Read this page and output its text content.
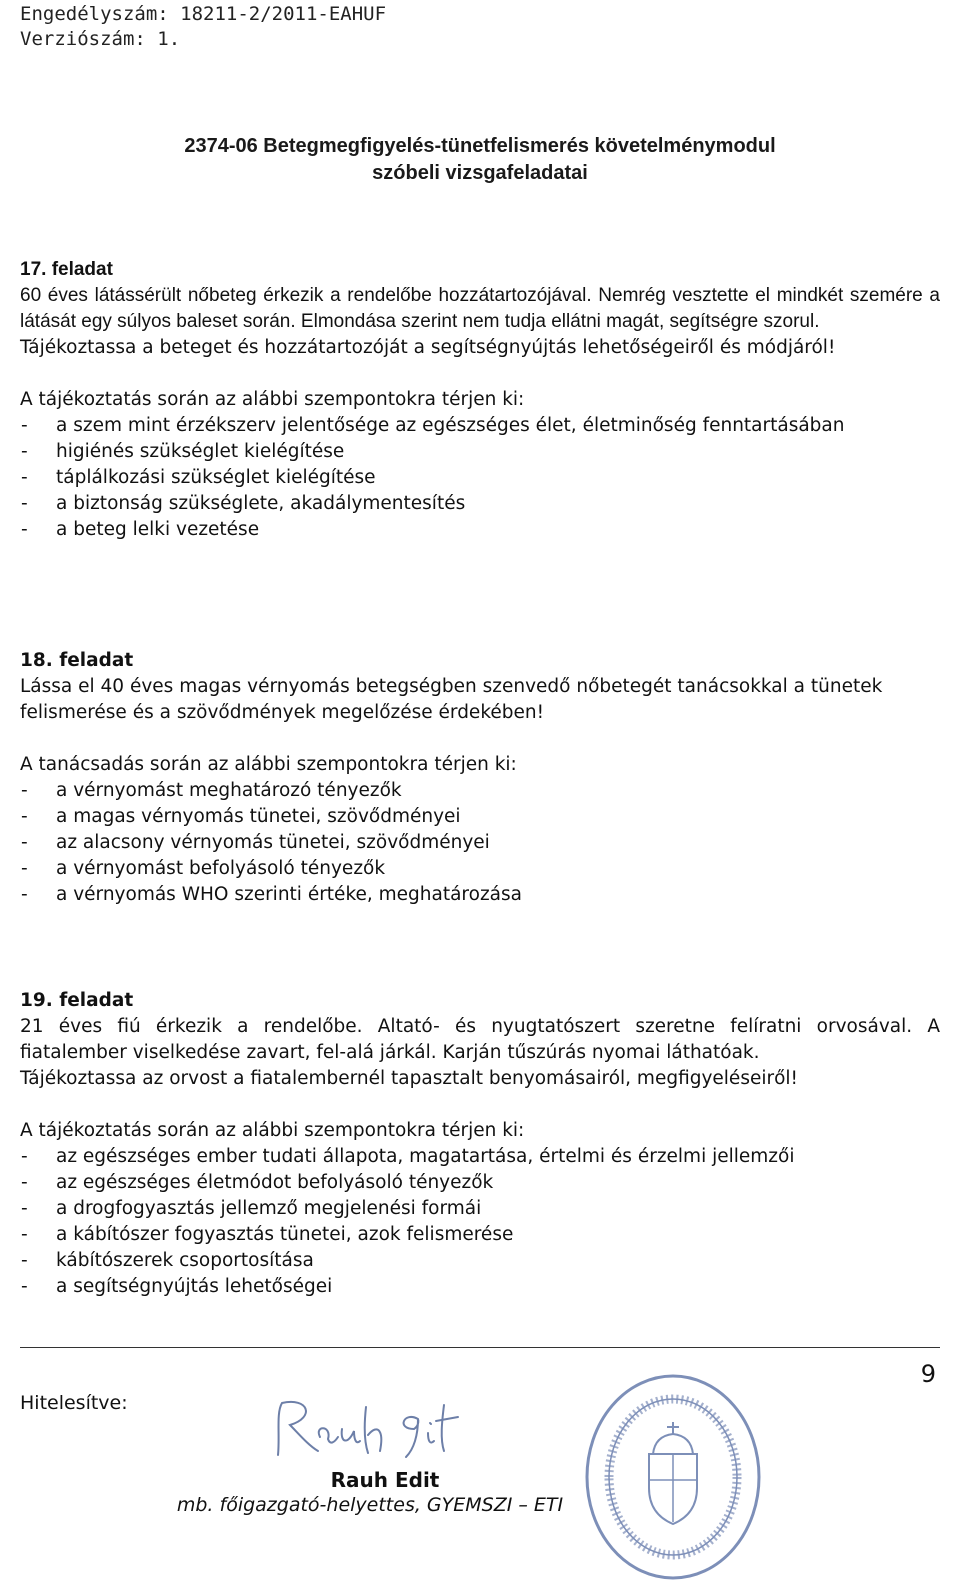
Engedélyszám: 18211-2/2011-EAHUF
Verziószám: 1.
2374-06 Betegmegfigyelés-tünetfelismerés követelménymodul
szóbeli vizsgafeladatai
17. feladat
60 éves látássérült nőbeteg érkezik a rendelőbe hozzátartozójával. Nemrég vesztette el mindkét szemére a látását egy súlyos baleset során. Elmondása szerint nem tudja ellátni magát, segítségre szorul.
Tájékoztassa a beteget és hozzátartozóját a segítségnyújtás lehetőségeiről és módjáról!

A tájékoztatás során az alábbi szempontokra térjen ki:

- a szem mint érzékszerv jelentősége az egészséges élet, életminőség fenntartásában
- higiénés szükséglet kielégítése
- táplálkozási szükséglet kielégítése
- a biztonság szükséglete, akadálymentesítés
- a beteg lelki vezetése
18. feladat
Lássa el 40 éves magas vérnyomás betegségben szenvedő nőbetegét tanácsokkal a tünetek felismerése és a szövődmények megelőzése érdekében!

A tanácsadás során az alábbi szempontokra térjen ki:

- a vérnyomást meghatározó tényezők
- a magas vérnyomás tünetei, szövődményei
- az alacsony vérnyomás tünetei, szövődményei
- a vérnyomást befolyásoló tényezők
- a vérnyomás WHO szerinti értéke, meghatározása
19. feladat
21 éves fiú érkezik a rendelőbe. Altató- és nyugtatószert szeretne felíratni orvosával. A fiatalember viselkedése zavart, fel-alá járkál. Karján tűszúrás nyomai láthatóak.
Tájékoztassa az orvost a fiatalembernél tapasztalt benyomásairól, megfigyeléseiről!

A tájékoztatás során az alábbi szempontokra térjen ki:

- az egészséges ember tudati állapota, magatartása, értelmi és érzelmi jellemzői
- az egészséges életmódot befolyásoló tényezők
- a drogfogyasztás jellemző megjelenési formái
- a kábítószer fogyasztás tünetei, azok felismerése
- kábítószerek csoportosítása
- a segítségnyújtás lehetőségei
9
Hitelesítve:
Rauh Edit
mb. főigazgató-helyettes, GYEMSZI – ETI
